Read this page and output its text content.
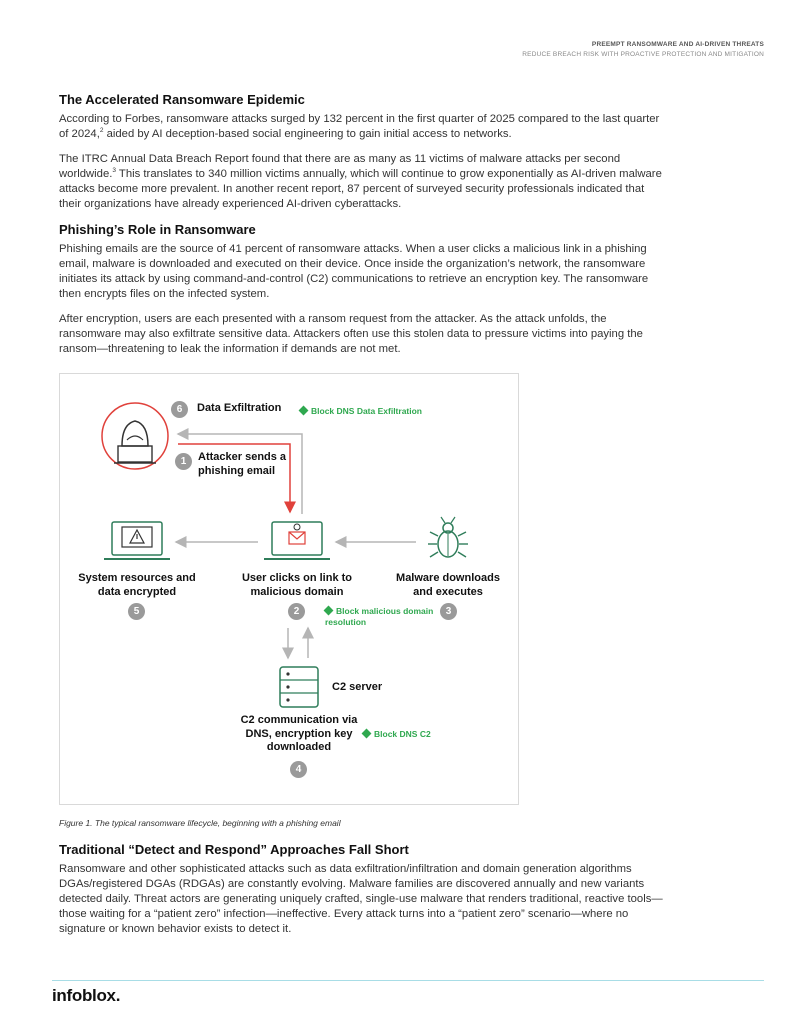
PREEMPT RANSOMWARE AND AI-DRIVEN THREATS
REDUCE BREACH RISK WITH PROACTIVE PROTECTION AND MITIGATION
The Accelerated Ransomware Epidemic

According to Forbes, ransomware attacks surged by 132 percent in the first quarter of 2025 compared to the last quarter of 2024,$^2$ aided by AI deception-based social engineering to gain initial access to networks.

The ITRC Annual Data Breach Report found that there are as many as 11 victims of malware attacks per second worldwide.$^3$ This translates to 340 million victims annually, which will continue to grow exponentially as AI-driven malware attacks become more prevalent. In another recent report, 87 percent of surveyed security professionals indicated that their organizations have already experienced AI-driven cyberattacks.

Phishing’s Role in Ransomware

Phishing emails are the source of 41 percent of ransomware attacks. When a user clicks a malicious link in a phishing email, malware is downloaded and executed on their device. Once inside the organization’s network, the ransomware initiates its attack by using command-and-control (C2) communications to retrieve an encryption key. The ransomware then encrypts files on the infected system.

After encryption, users are each presented with a ransom request from the attacker. As the attack unfolds, the ransomware may also exfiltrate sensitive data. Attackers often use this stolen data to pressure victims into paying the ransom—threatening to leak the information if demands are not met.

6	Data Exfiltration	Block DNS Data Exfiltration
1	Attacker sends a phishing email
System resources and data encrypted
5
User clicks on link to malicious domain
2	Block malicious domain resolution
Malware downloads and executes
3
C2 server
C2 communication via DNS, encryption key downloaded
Block DNS C2
4
Figure 1. The typical ransomware lifecycle, beginning with a phishing email
Traditional “Detect and Respond” Approaches Fall Short

Ransomware and other sophisticated attacks such as data exfiltration/infiltration and domain generation algorithms DGAs/registered DGAs (RDGAs) are constantly evolving. Malware families are discovered annually and new variants detected daily. Threat actors are generating uniquely crafted, single-use malware that renders traditional, reactive tools—those waiting for a “patient zero” infection—ineffective. Every attack turns into a “patient zero” scenario—where no signature or known behavior exists to detect it.

infoblox.
